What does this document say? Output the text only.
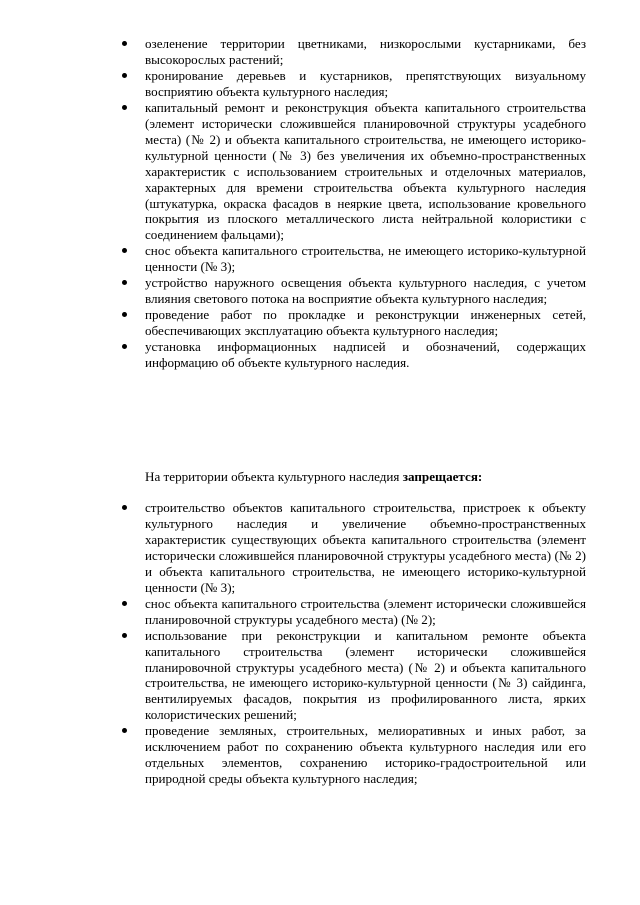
озеленение территории цветниками, низкорослыми кустарниками, без высокорослых растений;
кронирование деревьев и кустарников, препятствующих визуальному восприятию объекта культурного наследия;
капитальный ремонт и реконструкция объекта капитального строительства (элемент исторически сложившейся планировочной структуры усадебного места) (№ 2) и объекта капитального строительства, не имеющего историко-культурной ценности (№ 3) без увеличения их объемно-пространственных характеристик с использованием строительных и отделочных материалов, характерных для времени строительства объекта культурного наследия (штукатурка, окраска фасадов в неяркие цвета, использование кровельного покрытия из плоского металлического листа нейтральной колористики с соединением фальцами);
снос объекта капитального строительства, не имеющего историко-культурной ценности (№ 3);
устройство наружного освещения объекта культурного наследия, с учетом влияния светового потока на восприятие объекта культурного наследия;
проведение работ по прокладке и реконструкции инженерных сетей, обеспечивающих эксплуатацию объекта культурного наследия;
установка информационных надписей и обозначений, содержащих информацию об объекте культурного наследия.

На территории объекта культурного наследия запрещается:

строительство объектов капитального строительства, пристроек к объекту культурного наследия и увеличение объемно-пространственных характеристик существующих объекта капитального строительства (элемент исторически сложившейся планировочной структуры усадебного места) (№ 2) и объекта капитального строительства, не имеющего историко-культурной ценности (№ 3);
снос объекта капитального строительства (элемент исторически сложившейся планировочной структуры усадебного места) (№ 2);
использование при реконструкции и капитальном ремонте объекта капитального строительства (элемент исторически сложившейся планировочной структуры усадебного места) (№ 2) и объекта капитального строительства, не имеющего историко-культурной ценности (№ 3) сайдинга, вентилируемых фасадов, покрытия из профилированного листа, ярких колористических решений;
проведение земляных, строительных, мелиоративных и иных работ, за исключением работ по сохранению объекта культурного наследия или его отдельных элементов, сохранению историко-градостроительной или природной среды объекта культурного наследия;
